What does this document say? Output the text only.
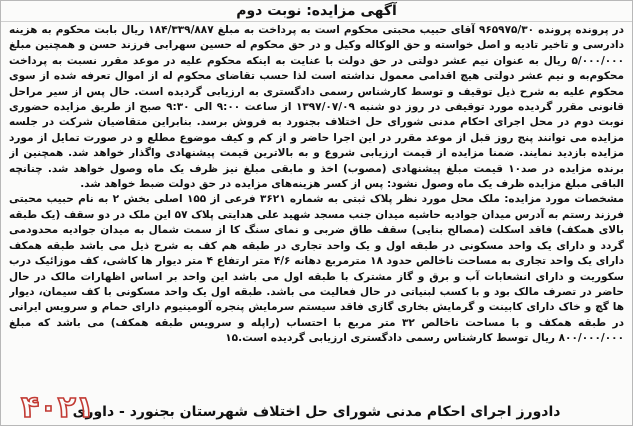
آگهی مزایده: نوبت دوم

در پرونده پرونده ۹۶۵۹۷۵/۳۰ آقای حبیب محبتی محکوم است به پرداخت به مبلغ ۱۸۴/۳۳۹/۸۸۷ ریال بابت محکوم به هزینه دادرسی و تاخیر تادیه و اصل خواسته و حق الوکاله وکیل و در حق محکوم له حسین سهرابی فرزند حسن و همچنین مبلغ ۵/۰۰۰/۰۰۰ ریال به عنوان نیم عشر دولتی در حق دولت با عنایت به اینکه محکوم علیه در موعد مقرر نسبت به پرداخت محکوم‌به و نیم عشر دولتی هیچ اقدامی معمول نداشته است لذا حسب تقاضای محکوم له از اموال تعرفه شده از سوی محکوم علیه به شرح ذیل توقیف و توسط کارشناس رسمی دادگستری به ارزیابی گردیده است. حال پس از سیر مراحل قانونی مقرر گردیده مورد توقیفی در روز دو شنبه ۱۳۹۷/۰۷/۰۹ از ساعت ۹:۰۰ الی ۹:۳۰ صبح از طریق مزایده حضوری نوبت دوم در محل اجرای احکام مدنی شورای حل اختلاف بجنورد به فروش برسد. بنابراین متقاضیان شرکت در جلسه مزایده می توانند پنج روز قبل از موعد مقرر در این اجرا حاضر و از کم و کیف موضوع مطلع و در صورت تمایل از مورد مزایده بازدید نمایند. ضمنا مزایده از قیمت ارزیابی شروع و به بالاترین قیمت پیشنهادی واگذار خواهد شد. همچنین از برنده مزایده در صد۱۰ قیمت مبلغ پیشنهادی (مصوب) اخذ و مابقی مبلغ نیز ظرف یک ماه وصول خواهد شد. چنانچه الباقی مبلغ مزایده ظرف یک ماه وصول نشود: پس از کسر هزینه‌های مزایده در حق دولت ضبط خواهد شد.

مشخصات مورد مزایده: ملک محل مورد نظر پلاک ثبتی به شماره ۳۶۲۱ فرعی از ۱۵۵ اصلی بخش ۲ به نام حبیب محبتی فرزند رستم به آدرس میدان جوادیه حاشیه میدان جنب مسجد شهید علی هدایتی پلاک ۵۷ این ملک در دو سقف (یک طبقه بالای همکف) فاقد اسکلت (مصالح بنایی) سقف طاق ضربی و نمای سنگ کا از سمت شمال به میدان جوادیه محدودمی گردد و دارای یک واحد مسکونی در طبقه اول و یک واحد تجاری در طبقه هم کف به شرح ذیل می باشد طبقه همکف دارای یک واحد تجاری به مساحت ناخالص حدود ۱۸ مترمربع دهانه ۴/۶ متر ارتفاع ۴ متر دیوار ها کاشی، کف موزائیک درب سکوریت و دارای انشعابات آب و برق و گاز مشترک با طبقه اول می باشد این واحد بر اساس اظهارات مالک در حال حاضر در تصرف مالک بود و با کسب لبنیاتی در حال فعالیت می باشد. طبقه اول یک واحد مسکونی با کف سیمان، دیوار ها گچ و خاک دارای کابینت و گرمایش بخاری گازی فاقد سیستم سرمایش پنجره آلومینیوم دارای حمام و سرویس ایرانی در طبقه همکف و با مساحت ناخالص ۳۲ متر مربع با احتساب (راپله و سرویس طبقه همکف) می باشد که مبلغ ۸۰۰/۰۰۰/۰۰۰ ریال توسط کارشناس رسمی دادگستری ارزیابی گردیده است.۱۵

دادورز اجرای احکام مدنی شورای حل اختلاف شهرستان بجنورد - داوری
۴۰۲۱
